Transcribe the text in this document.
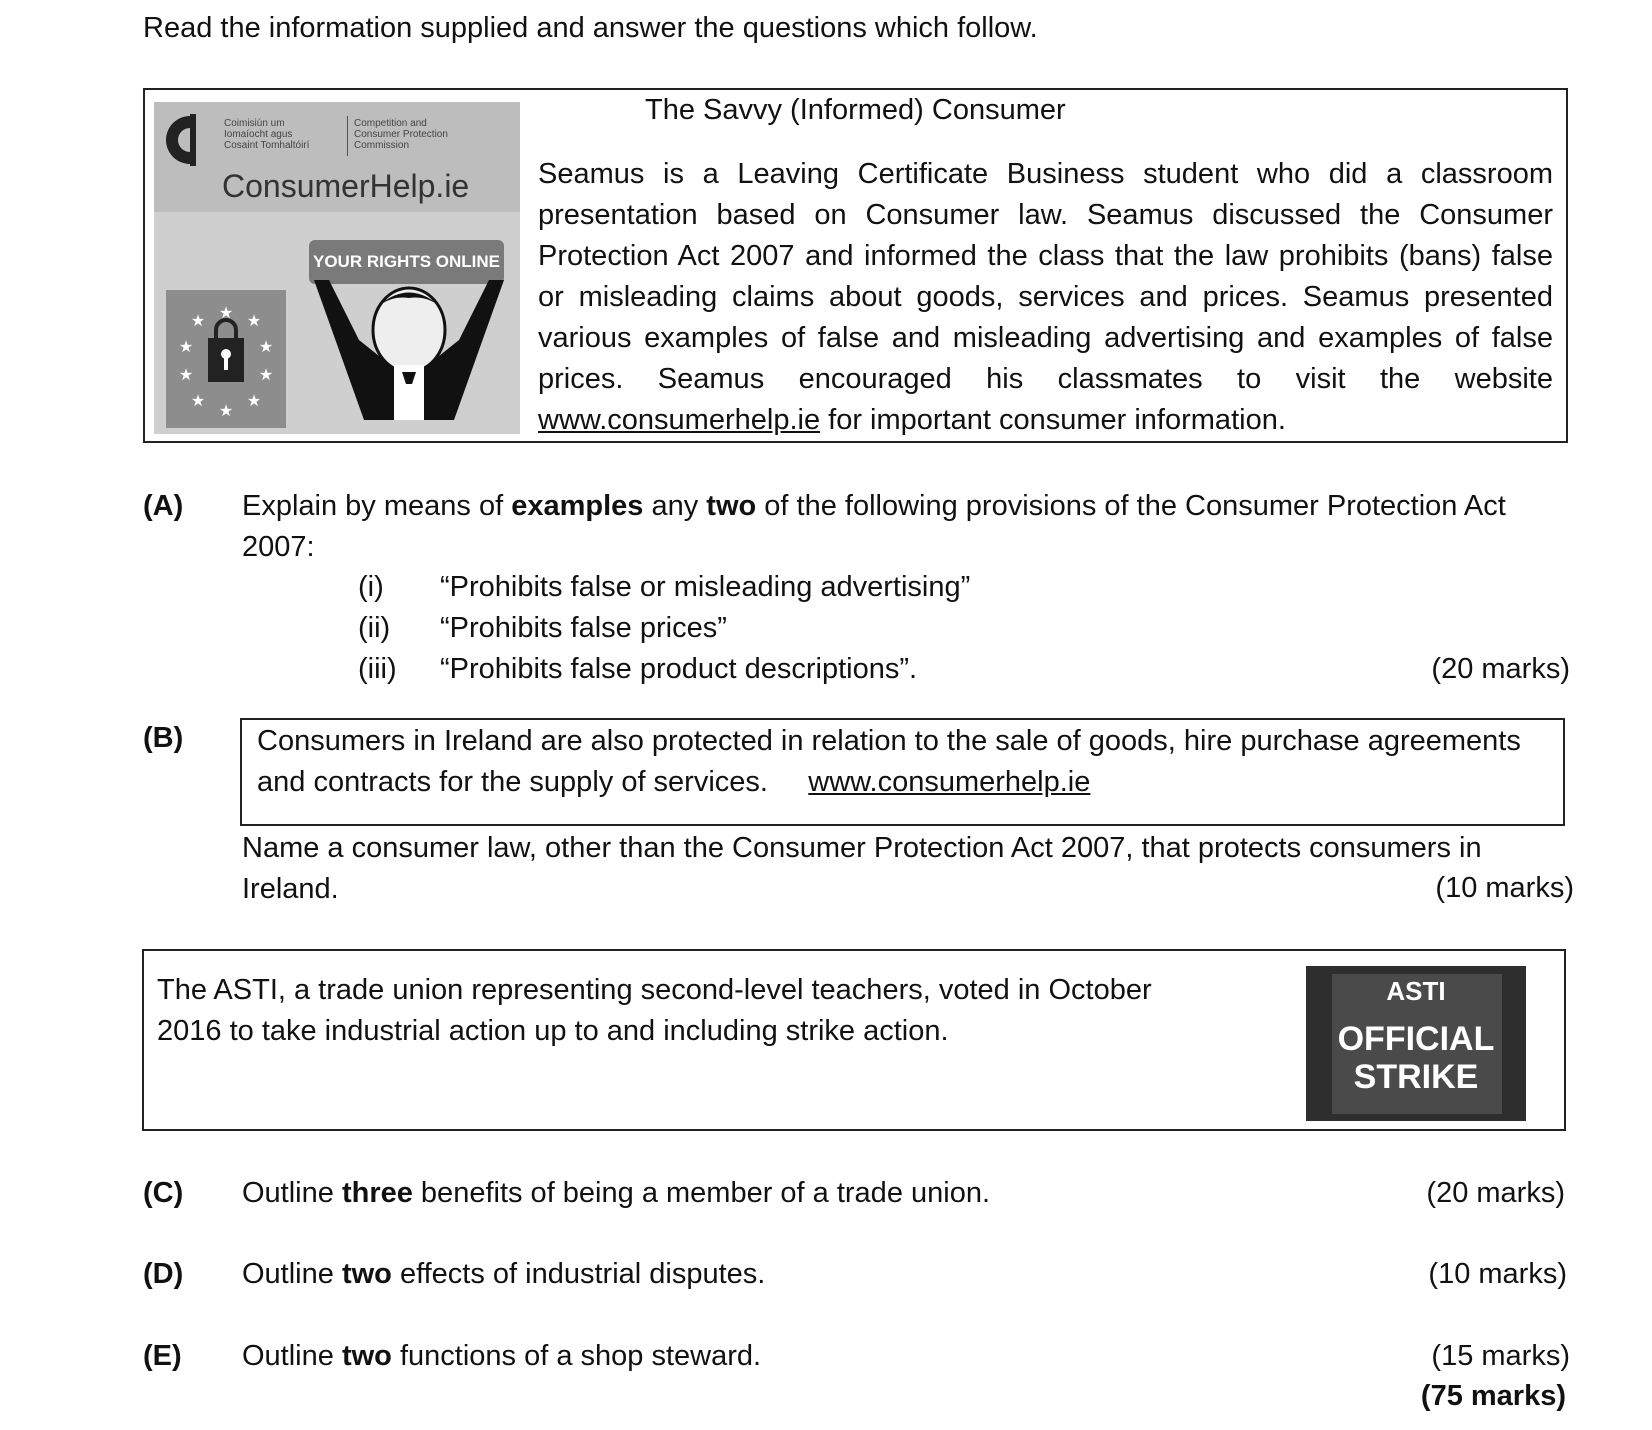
Read the information supplied and answer the questions which follow.
Coimisiún um
Iomaíocht agus
Cosaint Tomhaltóirí
Competition and
Consumer Protection
Commission
ConsumerHelp.ie
YOUR RIGHTS ONLINE
★ ★
★
★
★
★
★
★
★
★
The Savvy (Informed) Consumer
Seamus is a Leaving Certificate Business student who did a classroom presentation based on Consumer law. Seamus discussed the Consumer Protection Act 2007 and informed the class that the law prohibits (bans) false or misleading claims about goods, services and prices. Seamus presented various examples of false and misleading advertising and examples of false prices. Seamus encouraged his classmates to visit the website www.consumerhelp.ie for important consumer information.
(A) Explain by means of examples any two of the following provisions of the Consumer Protection Act 2007:
(i) “Prohibits false or misleading advertising”
(ii) “Prohibits false prices”
(iii) “Prohibits false product descriptions”.	(20 marks)
(B)	Consumers in Ireland are also protected in relation to the sale of goods, hire purchase agreements and contracts for the supply of services. www.consumerhelp.ie
Name a consumer law, other than the Consumer Protection Act 2007, that protects consumers in Ireland.	(10 marks)
The ASTI, a trade union representing second-level teachers, voted in October 2016 to take industrial action up to and including strike action.
ASTI
OFFICIAL
STRIKE
(C) Outline three benefits of being a member of a trade union.	(20 marks)
(D) Outline two effects of industrial disputes.	(10 marks)
(E) Outline two functions of a shop steward.	(15 marks)
(75 marks)
